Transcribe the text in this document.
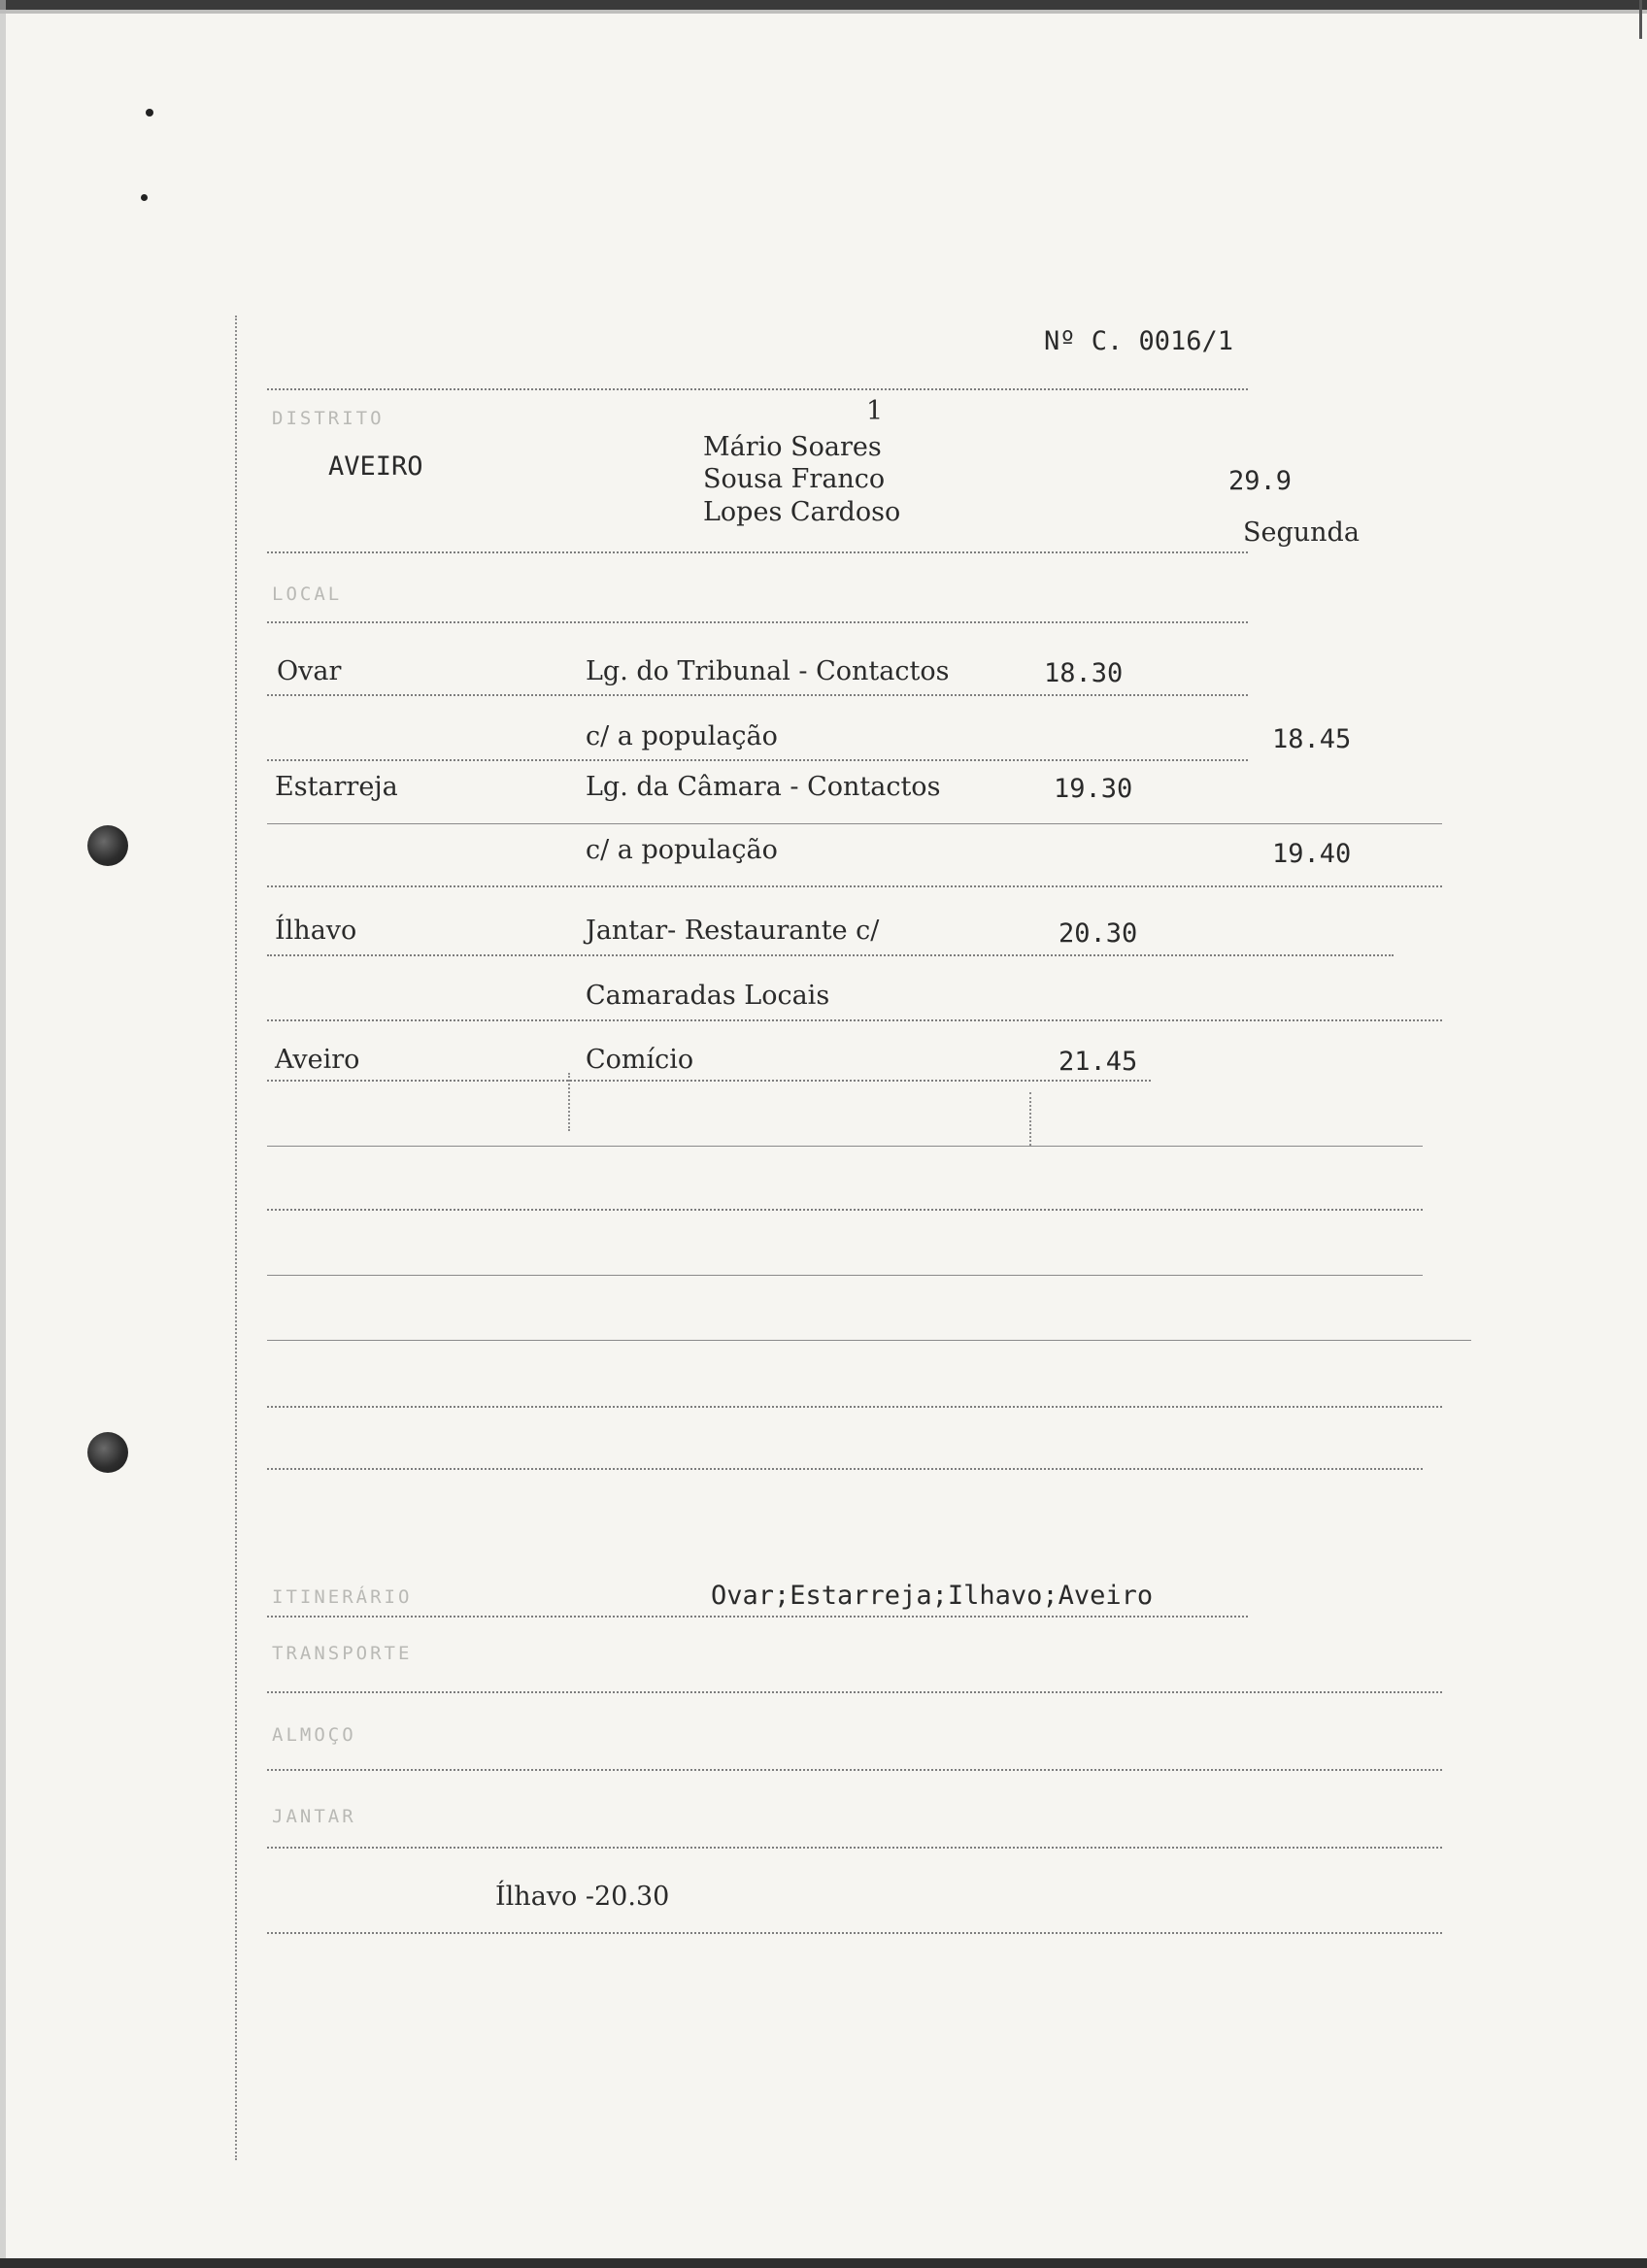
Nº C. 0016/1
DISTRITO
AVEIRO
1
Mário Soares
Sousa Franco
Lopes Cardoso
29.9
Segunda
LOCAL
Ovar	Lg. do Tribunal - Contactos	18.30
c/ a população	18.45
Estarreja	Lg. da Câmara - Contactos	19.30
c/ a população	19.40
Ílhavo	Jantar- Restaurante c/	20.30
Camaradas Locais
Aveiro	Comício	21.45
ITINERÁRIO	Ovar;Estarreja;Ilhavo;Aveiro
TRANSPORTE
ALMOÇO
JANTAR
Ílhavo -20.30
